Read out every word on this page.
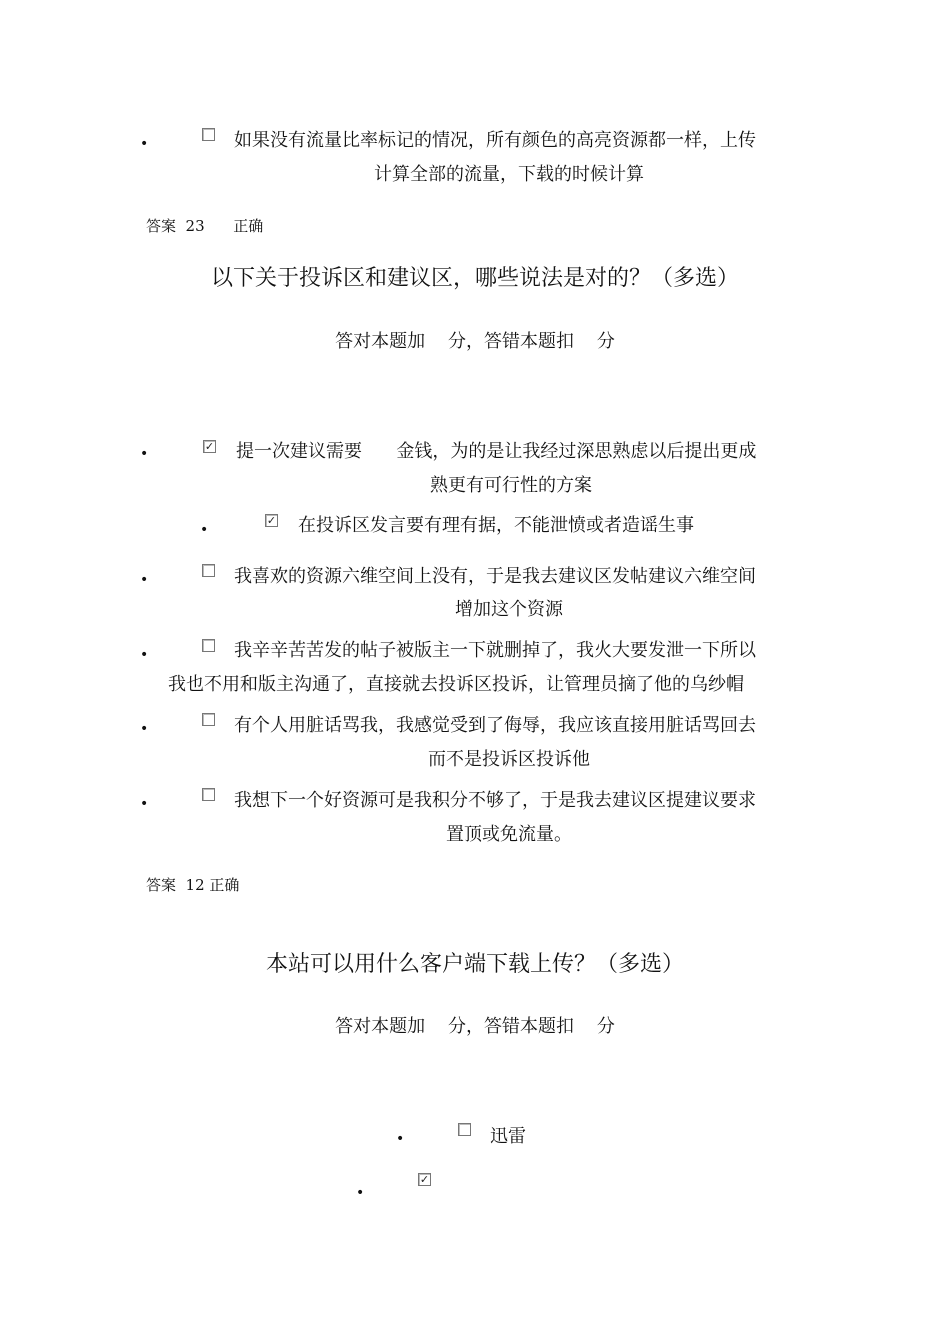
•	如果没有流量比率标记的情况，所有颜色的高亮资源都一样，上传
计算全部的流量，下载的时候计算
答案  23      正确
以下关于投诉区和建议区，哪些说法是对的？（多选）
答对本题加    分，答错本题扣    分
•	✓ 提一次建议需要      金钱，为的是让我经过深思熟虑以后提出更成
熟更有可行性的方案
•
✓ 在投诉区发言要有理有据，不能泄愤或者造谣生事
•	我喜欢的资源六维空间上没有，于是我去建议区发帖建议六维空间
增加这个资源
•	我辛辛苦苦发的帖子被版主一下就删掉了，我火大要发泄一下所以
我也不用和版主沟通了，直接就去投诉区投诉，让管理员摘了他的乌纱帽
•	有个人用脏话骂我，我感觉受到了侮辱，我应该直接用脏话骂回去
而不是投诉区投诉他
•	我想下一个好资源可是我积分不够了，于是我去建议区提建议要求
置顶或免流量。
答案  12 正确
本站可以用什么客户端下载上传？（多选）
答对本题加    分，答错本题扣    分
•	迅雷
•
✓
